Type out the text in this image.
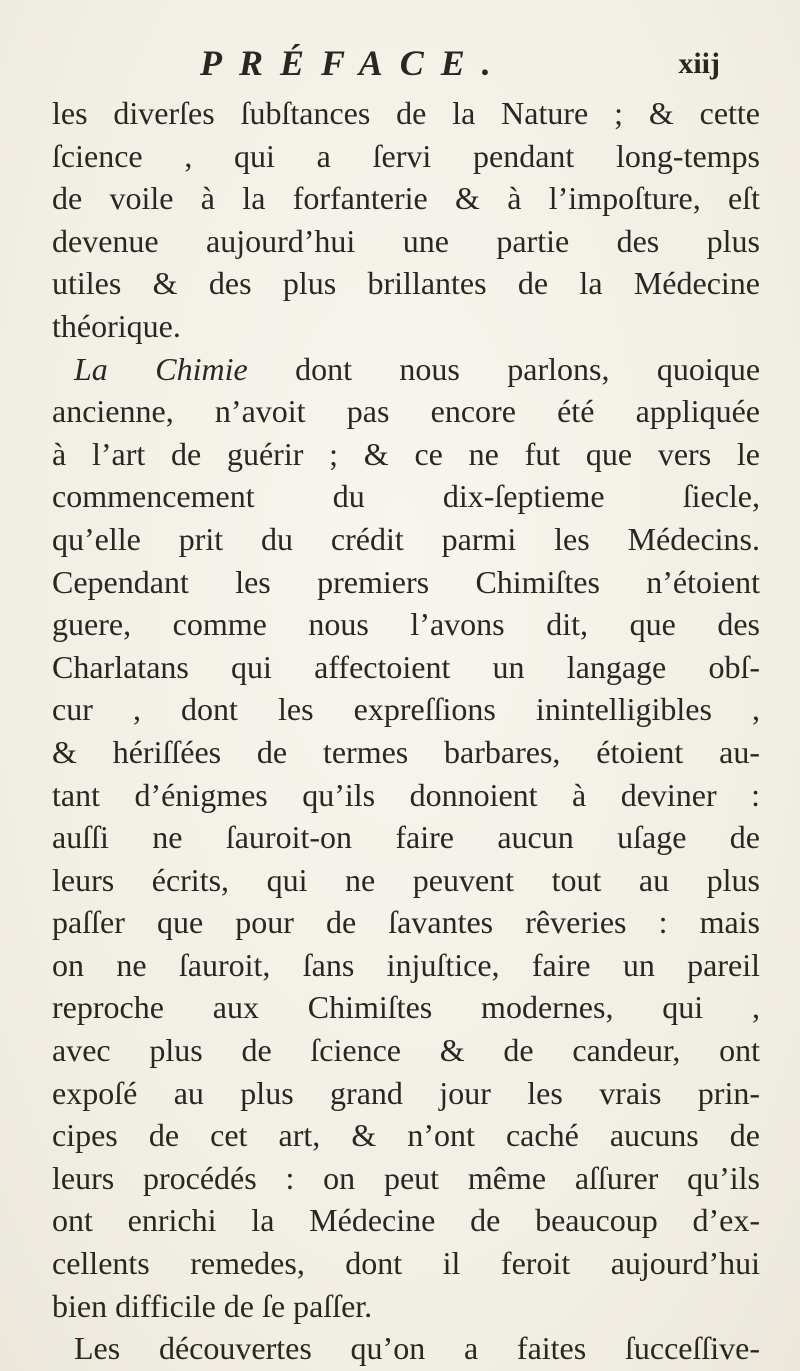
PRÉFACE.	xiij
les diverſes ſubſtances de la Nature ; & cette
ſcience , qui a ſervi pendant long-temps
de voile à la forfanterie & à l’impoſture, eſt
devenue aujourd’hui une partie des plus
utiles & des plus brillantes de la Médecine
théorique.
La Chimie dont nous parlons, quoique
ancienne, n’avoit pas encore été appliquée
à l’art de guérir ; & ce ne fut que vers le
commencement du dix-ſeptieme ſiecle,
qu’elle prit du crédit parmi les Médecins.
Cependant les premiers Chimiſtes n’étoient
guere, comme nous l’avons dit, que des
Charlatans qui affectoient un langage obſ-
cur , dont les expreſſions inintelligibles ,
& hériſſées de termes barbares, étoient au-
tant d’énigmes qu’ils donnoient à deviner :
auſſi ne ſauroit-on faire aucun uſage de
leurs écrits, qui ne peuvent tout au plus
paſſer que pour de ſavantes rêveries : mais
on ne ſauroit, ſans injuſtice, faire un pareil
reproche aux Chimiſtes modernes, qui ,
avec plus de ſcience & de candeur, ont
expoſé au plus grand jour les vrais prin-
cipes de cet art, & n’ont caché aucuns de
leurs procédés : on peut même aſſurer qu’ils
ont enrichi la Médecine de beaucoup d’ex-
cellents remedes, dont il feroit aujourd’hui
bien difficile de ſe paſſer.
Les découvertes qu’on a faites ſucceſſive-
